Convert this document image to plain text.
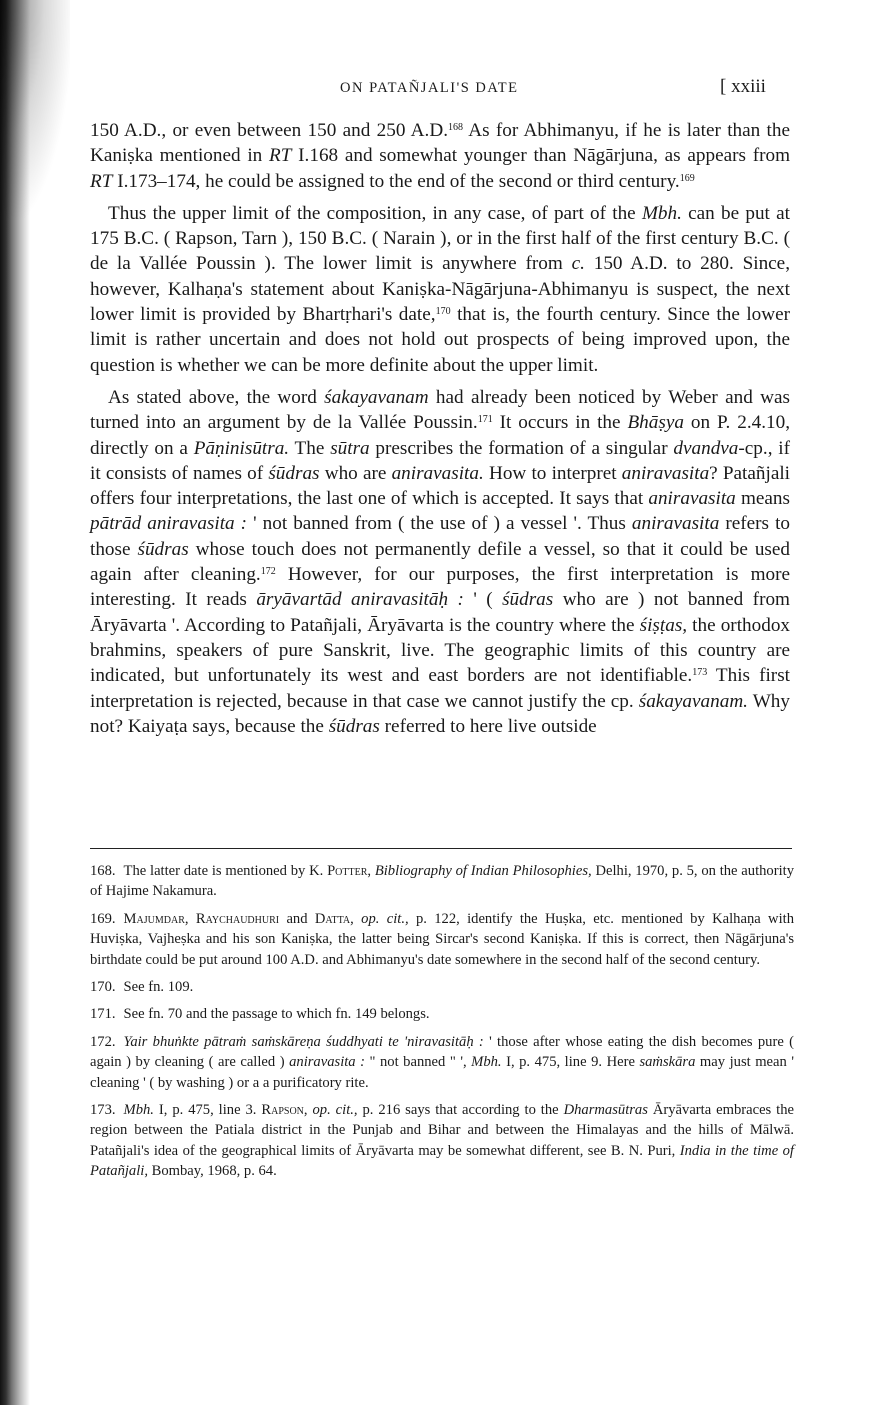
ON PATAÑJALI'S DATE	[ xxiii

150 A.D., or even between 150 and 250 A.D.$^{168}$ As for Abhimanyu, if he is later than the Kaniṣka mentioned in RT I.168 and somewhat younger than Nāgārjuna, as appears from RT I.173–174, he could be assigned to the end of the second or third century.$^{169}$

Thus the upper limit of the composition, in any case, of part of the Mbh. can be put at 175 B.C. ( Rapson, Tarn ), 150 B.C. ( Narain ), or in the first half of the first century B.C. ( de la Vallée Poussin ). The lower limit is anywhere from c. 150 A.D. to 280. Since, however, Kalhaṇa's statement about Kaniṣka-Nāgārjuna-Abhimanyu is suspect, the next lower limit is provided by Bhartṛhari's date,$^{170}$ that is, the fourth century. Since the lower limit is rather uncertain and does not hold out prospects of being improved upon, the question is whether we can be more definite about the upper limit.

As stated above, the word śakayavanam had already been noticed by Weber and was turned into an argument by de la Vallée Poussin.$^{171}$ It occurs in the Bhāṣya on P. 2.4.10, directly on a Pāṇinisūtra. The sūtra prescribes the formation of a singular dvandva-cp., if it consists of names of śūdras who are aniravasita. How to interpret aniravasita? Patañjali offers four interpretations, the last one of which is accepted. It says that aniravasita means pātrād aniravasita : ' not banned from ( the use of ) a vessel '. Thus aniravasita refers to those śūdras whose touch does not permanently defile a vessel, so that it could be used again after cleaning.$^{172}$ However, for our purposes, the first interpretation is more interesting. It reads āryāvartād aniravasitāḥ : ' ( śūdras who are ) not banned from Āryāvarta '. According to Patañjali, Āryāvarta is the country where the śiṣṭas, the orthodox brahmins, speakers of pure Sanskrit, live. The geographic limits of this country are indicated, but unfortunately its west and east borders are not identifiable.$^{173}$ This first interpretation is rejected, because in that case we cannot justify the cp. śakayavanam. Why not? Kaiyaṭa says, because the śūdras referred to here live outside

168. The latter date is mentioned by K. Potter, Bibliography of Indian Philosophies, Delhi, 1970, p. 5, on the authority of Hajime Nakamura.

169. Majumdar, Raychaudhuri and Datta, op. cit., p. 122, identify the Huṣka, etc. mentioned by Kalhaṇa with Huviṣka, Vajheṣka and his son Kaniṣka, the latter being Sircar's second Kaniṣka. If this is correct, then Nāgārjuna's birthdate could be put around 100 A.D. and Abhimanyu's date somewhere in the second half of the second century.

170. See fn. 109.

171. See fn. 70 and the passage to which fn. 149 belongs.

172. Yair bhuṅkte pātraṁ saṁskāreṇa śuddhyati te 'niravasitāḥ : ' those after whose eating the dish becomes pure ( again ) by cleaning ( are called ) aniravasita : " not banned " ', Mbh. I, p. 475, line 9. Here saṁskāra may just mean ' cleaning ' ( by washing ) or a a purificatory rite.

173. Mbh. I, p. 475, line 3. Rapson, op. cit., p. 216 says that according to the Dharmasūtras Āryāvarta embraces the region between the Patiala district in the Punjab and Bihar and between the Himalayas and the hills of Mālwā. Patañjali's idea of the geographical limits of Āryāvarta may be somewhat different, see B. N. Puri, India in the time of Patañjali, Bombay, 1968, p. 64.
